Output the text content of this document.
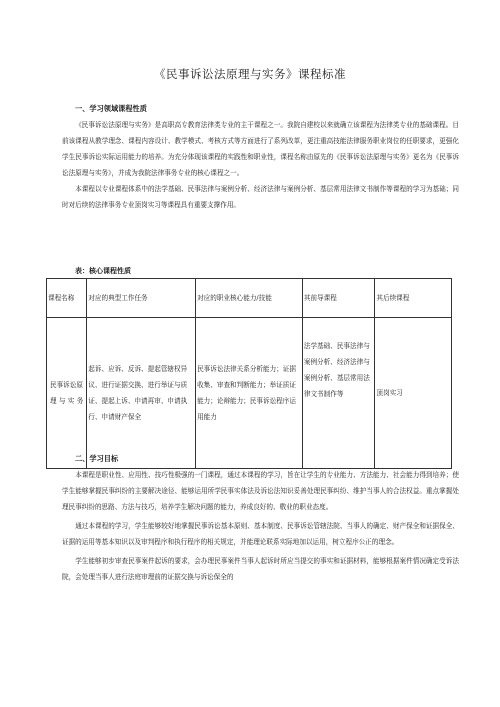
《民事诉讼法原理与实务》课程标准
一、学习领域课程性质

《民事诉讼法原理与实务》是高职高专教育法律类专业的主干课程之一。我院自建校以来就确立该课程为法律类专业的基础课程。目前该课程从教学理念、课程内容设计、教学模式、考核方式等方面进行了系列改革，更注重高技能法律服务职业岗位的任职要求，更强化学生民事诉讼实际运用能力的培养。为充分体现该课程的实践性和职业性，课程名称由原先的《民事诉讼法原理与实务》更名为《民事诉讼法原理与实务》，并成为我院法律事务专业的核心课程之一。

本课程以专业课程体系中的法学基础、民事法律与案例分析、经济法律与案例分析、基层常用法律文书制作等课程的学习为基础；同时对后续的法律事务专业顶岗实习等课程具有重要支撑作用。

表：核心课程性质
课程名称	对应的典型工作任务	对应的职业核心能力/技能	其前导课程	其后续课程
民事诉讼原理与实务	起诉、应诉、反诉、提起管辖权异议、进行证据交换、进行举证与质证、提起上诉、申请再审、申请执行、申请财产保全	民事诉讼法律关系分析能力；证据收集、审查和判断能力；举证质证能力；论辩能力；民事诉讼程序运用能力	法学基础、民事法律与案例分析、经济法律与案例分析、基层常用法律文书制作等	顶岗实习
二、学习目标

本课程是职业性、应用性、技巧性极强的一门课程，通过本课程的学习，旨在让学生的专业能力、方法能力、社会能力得到培养；使学生能够掌握民事纠纷的主要解决途径、能够运用所学民事实体法及诉讼法知识妥善处理民事纠纷、维护当事人的合法权益。重点掌握处理民事纠纷的思路、方法与技巧，培养学生解决问题的能力，养成良好的、敬业的职业态度。

通过本课程的学习，学生能够较好地掌握民事诉讼基本原则、基本制度、民事诉讼管辖法院、当事人的确定、财产保全和证据保全、证据的运用等基本知识以及审判程序和执行程序的相关规定，并能理论联系实际地加以运用，树立程序公正的理念。

学生能够初步审查民事案件起诉的要求，会办理民事案件当事人起诉时所应当提交的事实和证据材料，能够根据案件情况确定受诉法院，会处理当事人进行法庭审理前的证据交换与诉讼保全的
